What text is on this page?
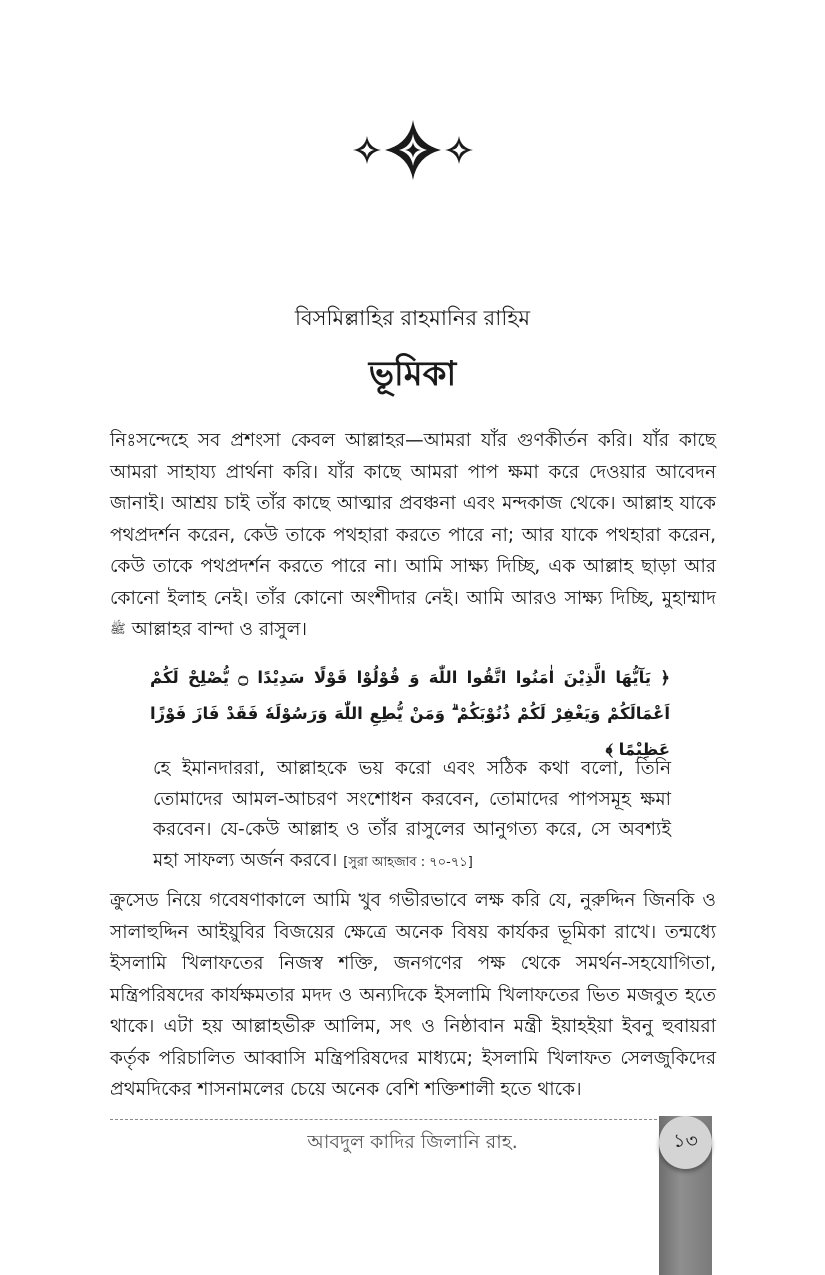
বিসমিল্লাহির রাহমানির রাহিম
ভূমিকা

নিঃসন্দেহে সব প্রশংসা কেবল আল্লাহর—আমরা যাঁর গুণকীর্তন করি। যাঁর কাছে আমরা সাহায্য প্রার্থনা করি। যাঁর কাছে আমরা পাপ ক্ষমা করে দেওয়ার আবেদন জানাই। আশ্রয় চাই তাঁর কাছে আত্মার প্রবঞ্চনা এবং মন্দকাজ থেকে। আল্লাহ যাকে পথপ্রদর্শন করেন, কেউ তাকে পথহারা করতে পারে না; আর যাকে পথহারা করেন, কেউ তাকে পথপ্রদর্শন করতে পারে না। আমি সাক্ষ্য দিচ্ছি, এক আল্লাহ ছাড়া আর কোনো ইলাহ নেই। তাঁর কোনো অংশীদার নেই। আমি আরও সাক্ষ্য দিচ্ছি, মুহাম্মাদ ﷺ আল্লাহর বান্দা ও রাসুল।

﴿ يَآيُّهَا الَّذِيْنَ اٰمَنُوا اتَّقُوا اللّٰهَ وَ قُوْلُوْا قَوْلًا سَدِيْدًا ۝ يُّصْلِحْ لَكُمْ اَعْمَالَكُمْ وَيَغْفِرْ لَكُمْ ذُنُوْبَكُمْ ۗ وَمَنْ يُّطِعِ اللّٰهَ وَرَسُوْلَهٗ فَقَدْ فَازَ فَوْزًا عَظِيْمًا ﴾

হে ইমানদাররা, আল্লাহকে ভয় করো এবং সঠিক কথা বলো, তিনি তোমাদের আমল-আচরণ সংশোধন করবেন, তোমাদের পাপসমূহ ক্ষমা করবেন। যে-কেউ আল্লাহ ও তাঁর রাসুলের আনুগত্য করে, সে অবশ্যই মহা সাফল্য অর্জন করবে। [সুরা আহজাব : ৭০-৭১]

ক্রুসেড নিয়ে গবেষণাকালে আমি খুব গভীরভাবে লক্ষ করি যে, নুরুদ্দিন জিনকি ও সালাহুদ্দিন আইয়ুবির বিজয়ের ক্ষেত্রে অনেক বিষয় কার্যকর ভূমিকা রাখে। তন্মধ্যে ইসলামি খিলাফতের নিজস্ব শক্তি, জনগণের পক্ষ থেকে সমর্থন-সহযোগিতা, মন্ত্রিপরিষদের কার্যক্ষমতার মদদ ও অন্যদিকে ইসলামি খিলাফতের ভিত মজবুত হতে থাকে। এটা হয় আল্লাহভীরু আলিম, সৎ ও নিষ্ঠাবান মন্ত্রী ইয়াহইয়া ইবনু হুবায়রা কর্তৃক পরিচালিত আব্বাসি মন্ত্রিপরিষদের মাধ্যমে; ইসলামি খিলাফত সেলজুকিদের প্রথমদিকের শাসনামলের চেয়ে অনেক বেশি শক্তিশালী হতে থাকে।

আবদুল কাদির জিলানি রাহ.	১৩
